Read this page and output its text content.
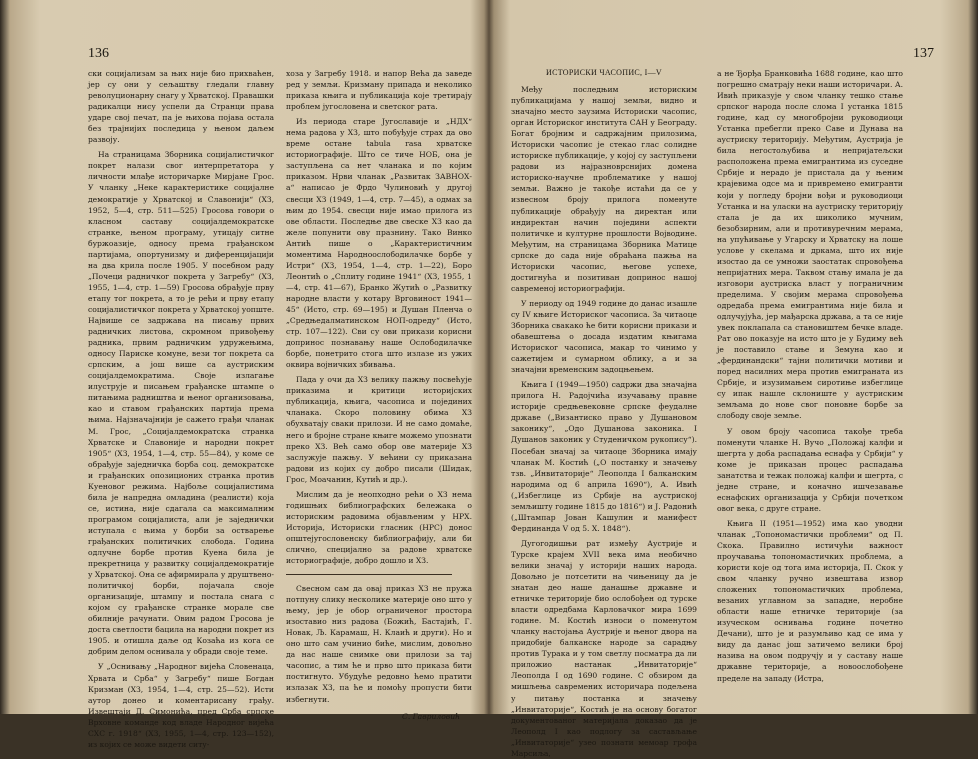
136

ски социјализам за њих није био прихваћен, јер су они у сељаштву гледали главну револуционарну снагу у Хрватској. Правашки радикалци нису успели да Странци права ударе свој печат, па је њихова појава остала без трајнијих последица у њеном даљем развоју.

На страницама Зборника социјалистичког покрет налази свог интерпретатора у личности млађе историчарке Мирјане Грос. У чланку „Неке карактеристике социјалне демократије у Хрватској и Славонији“ (ХЗ, 1952, 5—4, стр. 511—525) Гросова говори о класном саставу социјалдемократске странке, њеном програму, утицају ситне буржоазије, односу према грађанском партијама, опортунизму и диференцијацији на два крила после 1905. У посебном раду „Почеци радничког покрета у Загребу“ (ХЗ, 1955, 1—4, стр. 1—59) Гросова обрађује прву етапу тог покрета, а то је рећи и прву етапу социјалистичког покрета у Хрватској уопште. Највише се задржава на писању првих радничких листова, скромном привођењу радника, првим радничким удружењима, односу Париске комуне, вези тог покрета са српским, а још више са аустриским социјалдемократима. Своје излагање илуструје и писањем грађанске штампе о питањима радништва и њеног организовања, као и ставом грађанских партија према њима. Најзначајнији је сажето грађи чланак М. Грос, „Социјалдемократска странка Хрватске и Славоније и народни покрет 1905“ (ХЗ, 1954, 1—4, стр. 55—84), у коме се обрађује заједничка борба соц. демократске и грађанских опозиционих странка против Куеновог режима. Најбоље социјалистима била је напредна омладина (реалисти) која се, истина, није сдагала са максималним програмом социјалиста, али је заједнички иступала с њима у борби за остварење грађанских политичких слобода. Година одлучне борбе против Куена била је прекретница у развитку социјалдемократије у Хрватској. Она се афирмирала у друштвено-политичкој борби, појачала своје организације, штампу и постала снага с којом су грађанске странке морале све обилније рачунати. Овим радом Гросова је доста светлости бацила на народни покрет из 1905. и отишла даље од Козаћа из кога се добрим делом оснивала у обради своје теме.

У „Оснивању „Народног вијећа Словенаца, Хрвата и Срба“ у Загребу“ пише Богдан Кризман (ХЗ, 1954, 1—4, стр. 25—52). Исти аутор донео и коментарисану грађу. Извештаји Д. Симонића, пред Срба српске Врховне команде код владе Народног вијећа СХС г. 1918“ (ХЗ, 1955, 1—4, стр. 123—152), из којих се може видети ситу-

хоза у Загребу 1918. и напор Већа да заведе ред у земљи. Кризману припада и неколико приказа књига и публикација које третирају проблем југословена и светског рата.

Из периода старе Југославије и „НДХ“ нема радова у ХЗ, што побуђује страх да ово време остане tabula rasa хрватске историографије. Што се тиче НОБ, она је заступљена са нет чланака и по којим приказом. Нрви чланак „Развитак ЗАВНОХ-а“ написао је Фрдо Чулиновић у другој свесци ХЗ (1949, 1—4, стр. 7—45), а одмах за њим до 1954. свесци није имао прилога из ове области. Последње две свеске ХЗ као да желе попунити ову празнину. Тако Винко Антић пише о „Карактеристичним моментима Народноослободилачке борбе у Истри“ (ХЗ, 1954, 1—4, стр. 1—22), Боро Леонтић о „Сплиту године 1941“ (ХЗ, 1955, 1—4, стр. 41—67), Бранко Жутић о „Развитку народне власти у котару Врговиност 1941—45“ (Исто, стр. 69—195) и Душан Пленча о „Средњедалматинском НОП-одреду“ (Исто, стр. 107—122). Сви су ови прикази корисни допринос познавању наше Ослободилачке борбе, понетрито стога што излазе из ужих оквира војничких збивања.

Пада у очи да ХЗ велику пажњу посвећује приказима и критици историјских публикација, књига, часописа и појединих чланака. Скоро половину обима ХЗ обухватају сваки прилози. И не само домаће, него и бројне стране књиге можемо упознати преко ХЗ. Већ само обор ове материје ХЗ заслужује пажњу. У већини су приказана радови из којих су добро писали (Шидак, Грос, Моачанин, Кутић и др.).

Мислим да је неопходно рећи о ХЗ нема годишњих библиографских бележака о историским радовима објављеним у НРХ. Историја, Историски гласник (НРС) донос општејугословенску библиографију, али би слично, специјално за радове хрватске историографије, добро дошло и ХЗ.

Свесном сам да овај приказ ХЗ не пружа потпуну слику несколике материје оно што у њему, јер је обор ограниченог простора изоставио низ радова (Божић, Бастајић, Г. Новак, Љ. Карамаш, Н. Клаић и други). Но и оно што сам учинио биће, мислим, довољно да нас наше снимке ови прилози за тај часопис, а тим ће и прво што приказа бити постигнуто. Убудуће редовно ћемо пратити излазак ХЗ, па ће и помоћу пропусти бити избегнути.

С. Гавриловић
137
ИСТОРИСКИ ЧАСОПИС, I—V

Међу последњим историским публикацијама у нашој земљи, видно и значајно место заузима Историски часопис, орган Историског института САН у Београду. Богат бројним и садржајним прилозима, Историски часопис је стекао глас солидне историске публикације, у којој су заступљени радови из најразноврснијих домена историско-научне проблематике у нашој земљи. Важно је такође истаћи да се у извесном броју прилога поменуте публикације обрађују на директан или индиректан начин поједини аспекти политичке и културне прошлости Војводине. Међутим, на страницама Зборника Матице српске до сада није обраћана пажња на Историски часопис, његове успехе, достигнућа и позитиван допринос нашој савременој историографији.

У периоду од 1949 године до данас изашле су IV књиге Историског часописа. За читаоце Зборника свакако ће бити корисни прикази и обавештења о досада издатим књигама Историског часописа, макар то чинимо у сажетијем и сумарном облику, а и за значајни временским задоцњењем.

Књига I (1949—1950) садржи два значајна прилога Н. Радојчића изучавању правне историје средњевековне српске феудалне државе („Византиско право у Душановом законику“, „Одо Душанова законика. I Душанов законик у Студеничком рукопису“). Посебан значај за читаоце Зборника имају чланак М. Костић („О постанку и значењу тзв. „Инвитаторије“ Леополда I балканским народима од 6 априла 1690“), А. Ивић („Избеглице из Србије на аустриској земљишту године 1815 до 1816“) и Ј. Радонић („Штампар Јован Кашулин и манифест Фердинанда V од 5. Х. 1848“).

Дугогодишњи рат између Аустрије и Турске крајем XVII века има необично велики значај у историји наших народа. Довољно је потсетити на чињеницу да је знатан део наше данашње државне и етничке територије био ослобођен од турске власти одредбама Карловачког мира 1699 године. М. Костић износи о поменутом чланку настојања Аустрије и њеног двора на придобије балканске народе за сарадњу против Турака и у том светлу посматра да ли приложио настанак „Инвитаторије“ Леополда I од 1690 године. С обзиром да мишљења савремених историчара подељена у питању постанка и значењу „Инвитаторије“, Костић је на основу богатог документованог материјала доказао да је Леополд I као подлогу за састављање „Инвитаторије“ узео познати мемоар грофа Марсиља,

а не Ђорђа Бранковића 1688 године, као што погрешно сматрају неки наши историчари. А. Ивић приказује у свом чланку тешко стање српског народа после слома I устанка 1815 године, кад су многобројни руководиоци Устанка пребегли преко Саве и Дунава на аустриску територију. Међутим, Аустрија је била негостољубива и непријатељски расположена према емигрантима из суседне Србије и нерадо је пристала да у њеним крајевима одсе ма и привремено емигранти који у погледу бројни вођи и руководиоци Устанка и на уласки на аустриску територију стала је да их шиколико мучним, безобзирним, али и противуречним мерама, на упућивање у Угарску и Хрватску на лоше услове у скелама и дркама, што их није изостао да се умножи заостатак спровођења непријатних мера. Таквом стању имала је да изговори аустриска власт у пограничним пределима. У својим мерама спровођења одредаба према емигрантима није била и одлучујућа, јер мађарска држава, а та се није увек поклапала са становиштем бечке владе. Рат ово показује на исто што је у Будиму већ је поставило стање и Земуна као и „фердинандски“ тајни политички мотиви и поред насилних мера против емиграната из Србије, и изузимањем сиротиње избеглице су ипак нашле склониште у аустриским земљама до нове свог поновне борбе за слободу своје земље.

У овом броју часописа такође треба поменути чланке Н. Вучо „Положај калфи и шегрта у доба распадања еснафа у Србији“ у коме је приказан процес распадања занатства и тежак положај калфи и шегрта, с једне стране, и коначно ишчезавање еснафских организација у Србији почетком овог века, с друге стране.

Књига II (1951—1952) има као уводни чланак „Топономастички проблеми“ од П. Скока. Правилно истичући важност проучавања топономастичких проблема, а користи које од тога има историја, П. Скок у свом чланку ручно извештава извор сложених топономастичких проблема, везаних углавном за западне, неробне области наше етничке територије (за изуческом оснивања године почетно Дечани), што је и разумљиво кад се има у виду да данас још затичемо велики број назива на овом подручју и у саставу наше државне територије, а новоослобођене пределе на западу (Истра,
